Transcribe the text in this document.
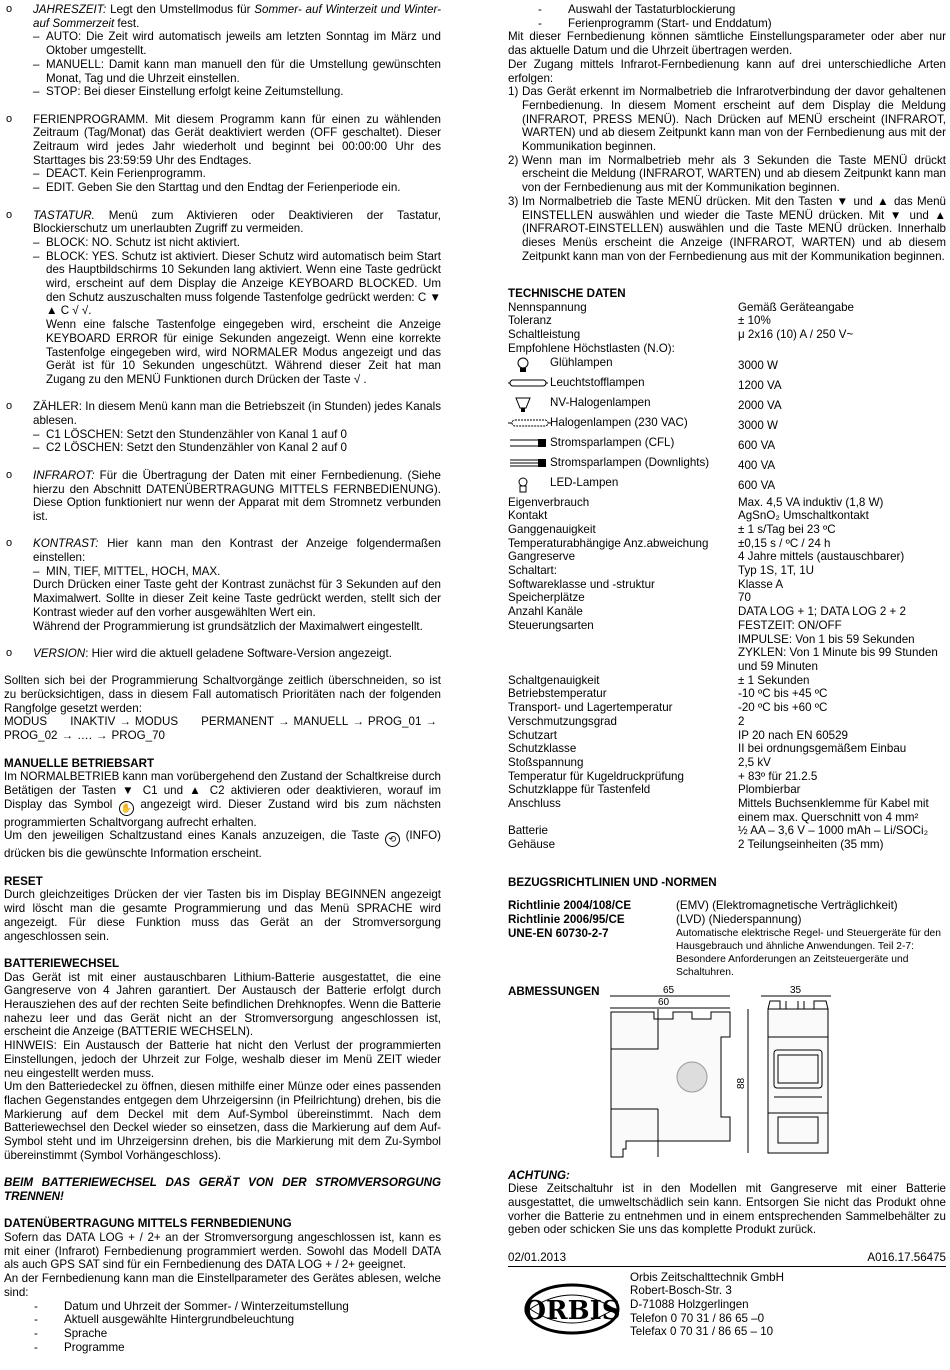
o JAHRESZEIT: Legt den Umstellmodus für Sommer- auf Winterzeit und Winter- auf Sommerzeit fest.

– AUTO: Die Zeit wird automatisch jeweils am letzten Sonntag im März und Oktober umgestellt.
– MANUELL: Damit kann man manuell den für die Umstellung gewünschten Monat, Tag und die Uhrzeit einstellen.
– STOP: Bei dieser Einstellung erfolgt keine Zeitumstellung.
o FERIENPROGRAMM. Mit diesem Programm kann für einen zu wählenden Zeitraum (Tag/Monat) das Gerät deaktiviert werden (OFF geschaltet). Dieser Zeitraum wird jedes Jahr wiederholt und beginnt bei 00:00:00 Uhr des Starttages bis 23:59:59 Uhr des Endtages.

– DEACT. Kein Ferienprogramm.
– EDIT. Geben Sie den Starttag und den Endtag der Ferienperiode ein.
o TASTATUR. Menü zum Aktivieren oder Deaktivieren der Tastatur, Blockierschutz um unerlaubten Zugriff zu vermeiden.

– BLOCK: NO. Schutz ist nicht aktiviert.
– BLOCK: YES. Schutz ist aktiviert. Dieser Schutz wird automatisch beim Start des Hauptbildschirms 10 Sekunden lang aktiviert. Wenn eine Taste gedrückt wird, erscheint auf dem Display die Anzeige KEYBOARD BLOCKED. Um den Schutz auszuschalten muss folgende Tastenfolge gedrückt werden: C ▼ ▲ C √ √.

Wenn eine falsche Tastenfolge eingegeben wird, erscheint die Anzeige KEYBOARD ERROR für einige Sekunden angezeigt. Wenn eine korrekte Tastenfolge eingegeben wird, wird NORMALER Modus angezeigt und das Gerät ist für 10 Sekunden ungeschützt. Während dieser Zeit hat man Zugang zu den MENÜ Funktionen durch Drücken der Taste √ .

o ZÄHLER: In diesem Menü kann man die Betriebszeit (in Stunden) jedes Kanals ablesen.

– C1 LÖSCHEN: Setzt den Stundenzähler von Kanal 1 auf 0
– C2 LÖSCHEN: Setzt den Stundenzähler von Kanal 2 auf 0
o INFRAROT: Für die Übertragung der Daten mit einer Fernbedienung. (Siehe hierzu den Abschnitt DATENÜBERTRAGUNG MITTELS FERNBEDIENUNG). Diese Option funktioniert nur wenn der Apparat mit dem Stromnetz verbunden ist.

o KONTRAST: Hier kann man den Kontrast der Anzeige folgendermaßen einstellen:

– MIN, TIEF, MITTEL, HOCH, MAX.

Durch Drücken einer Taste geht der Kontrast zunächst für 3 Sekunden auf den Maximalwert. Sollte in dieser Zeit keine Taste gedrückt werden, stellt sich der Kontrast wieder auf den vorher ausgewählten Wert ein.

Während der Programmierung ist grundsätzlich der Maximalwert eingestellt.

o VERSION: Hier wird die aktuell geladene Software-Version angezeigt.

Sollten sich bei der Programmierung Schaltvorgänge zeitlich überschneiden, so ist zu berücksichtigen, dass in diesem Fall automatisch Prioritäten nach der folgenden Rangfolge gesetzt werden:

MODUS INAKTIV → MODUS PERMANENT → MANUELL → PROG_01 →

PROG_02 → …. → PROG_70

MANUELLE BETRIEBSART

Im NORMALBETRIEB kann man vorübergehend den Zustand der Schaltkreise durch Betätigen der Tasten ▼ C1 und ▲ C2 aktivieren oder deaktivieren, worauf im Display das Symbol ✋ angezeigt wird. Dieser Zustand wird bis zum nächsten programmierten Schaltvorgang aufrecht erhalten.

Um den jeweiligen Schaltzustand eines Kanals anzuzeigen, die Taste ⟲ (INFO) drücken bis die gewünschte Information erscheint.

RESET

Durch gleichzeitiges Drücken der vier Tasten bis im Display BEGINNEN angezeigt wird löscht man die gesamte Programmierung und das Menü SPRACHE wird angezeigt. Für diese Funktion muss das Gerät an der Stromversorgung angeschlossen sein.

BATTERIEWECHSEL

Das Gerät ist mit einer austauschbaren Lithium-Batterie ausgestattet, die eine Gangreserve von 4 Jahren garantiert. Der Austausch der Batterie erfolgt durch Herausziehen des auf der rechten Seite befindlichen Drehknopfes. Wenn die Batterie nahezu leer und das Gerät nicht an der Stromversorgung angeschlossen ist, erscheint die Anzeige (BATTERIE WECHSELN).

HINWEIS: Ein Austausch der Batterie hat nicht den Verlust der programmierten Einstellungen, jedoch der Uhrzeit zur Folge, weshalb dieser im Menü ZEIT wieder neu eingestellt werden muss.

Um den Batteriedeckel zu öffnen, diesen mithilfe einer Münze oder eines passenden flachen Gegenstandes entgegen dem Uhrzeigersinn (in Pfeilrichtung) drehen, bis die Markierung auf dem Deckel mit dem Auf-Symbol übereinstimmt. Nach dem Batteriewechsel den Deckel wieder so einsetzen, dass die Markierung auf dem Auf-Symbol steht und im Uhrzeigersinn drehen, bis die Markierung mit dem Zu-Symbol übereinstimmt (Symbol Vorhängeschloss).

BEIM BATTERIEWECHSEL DAS GERÄT VON DER STROMVERSORGUNG TRENNEN!

DATENÜBERTRAGUNG MITTELS FERNBEDIENUNG

Sofern das DATA LOG + / 2+ an der Stromversorgung angeschlossen ist, kann es mit einer (Infrarot) Fernbedienung programmiert werden. Sowohl das Modell DATA als auch GPS SAT sind für ein Fernbedienung des DATA LOG + / 2+ geeignet.

An der Fernbedienung kann man die Einstellparameter des Gerätes ablesen, welche sind:

- Datum und Uhrzeit der Sommer- / Winterzeitumstellung
- Aktuell ausgewählte Hintergrundbeleuchtung
- Sprache
- Programme
- Auswahl der Tastaturblockierung
- Ferienprogramm (Start- und Enddatum)

Mit dieser Fernbedienung können sämtliche Einstellungsparameter oder aber nur das aktuelle Datum und die Uhrzeit übertragen werden.

Der Zugang mittels Infrarot-Fernbedienung kann auf drei unterschiedliche Arten erfolgen:

1) Das Gerät erkennt im Normalbetrieb die Infrarotverbindung der davor gehaltenen Fernbedienung. In diesem Moment erscheint auf dem Display die Meldung (INFRAROT, PRESS MENÜ). Nach Drücken auf MENÜ erscheint (INFRAROT, WARTEN) und ab diesem Zeitpunkt kann man von der Fernbedienung aus mit der Kommunikation beginnen.
2) Wenn man im Normalbetrieb mehr als 3 Sekunden die Taste MENÜ drückt erscheint die Meldung (INFRAROT, WARTEN) und ab diesem Zeitpunkt kann man von der Fernbedienung aus mit der Kommunikation beginnen.
3) Im Normalbetrieb die Taste MENÜ drücken. Mit den Tasten ▼ und ▲ das Menü EINSTELLEN auswählen und wieder die Taste MENÜ drücken. Mit ▼ und ▲ (INFRAROT-EINSTELLEN) auswählen und die Taste MENÜ drücken. Innerhalb dieses Menüs erscheint die Anzeige (INFRAROT, WARTEN) und ab diesem Zeitpunkt kann man von der Fernbedienung aus mit der Kommunikation beginnen.

TECHNISCHE DATEN

Nennspannung	Gemäß Geräteangabe
Toleranz	± 10%
Schaltleistung	μ 2x16 (10) A / 250 V~

Empfohlene Höchstlasten (N.O):

Glühlampen	3000 W
Leuchtstofflampen	1200 VA
NV-Halogenlampen	2000 VA
Halogenlampen (230 VAC)	3000 W
Stromsparlampen (CFL)	600 VA
Stromsparlampen (Downlights)	400 VA
LED-Lampen	600 VA
Eigenverbrauch	Max. 4,5 VA induktiv (1,8 W)
Kontakt	AgSnO₂ Umschaltkontakt
Ganggenauigkeit	± 1 s/Tag bei 23 ºC
Temperaturabhängige Anz.abweichung	±0,15 s / ºC / 24 h
Gangreserve	4 Jahre mittels (austauschbarer)
Schaltart:	Typ 1S, 1T, 1U
Softwareklasse und -struktur	Klasse A
Speicherplätze	70
Anzahl Kanäle	DATA LOG + 1; DATA LOG 2 + 2
Steuerungsarten	FESTZEIT: ON/OFF
IMPULSE: Von 1 bis 59 Sekunden
ZYKLEN: Von 1 Minute bis 99 Stunden und 59 Minuten
Schaltgenauigkeit	± 1 Sekunden
Betriebstemperatur	-10 ºC bis +45 ºC
Transport- und Lagertemperatur	-20 ºC bis +60 ºC
Verschmutzungsgrad	2
Schutzart	IP 20 nach EN 60529
Schutzklasse	II bei ordnungsgemäßem Einbau
Stoßspannung	2,5 kV
Temperatur für Kugeldruckprüfung	+ 83º für 21.2.5
Schutzklappe für Tastenfeld	Plombierbar
Anschluss	Mittels Buchsenklemme für Kabel mit einem max. Querschnitt von 4 mm²
Batterie	½ AA – 3,6 V – 1000 mAh – Li/SOCi₂
Gehäuse	2 Teilungseinheiten (35 mm)

BEZUGSRICHTLINIEN UND -NORMEN

Richtlinie 2004/108/CE	(EMV) (Elektromagnetische Verträglichkeit)
Richtlinie 2006/95/CE	(LVD) (Niederspannung)
UNE-EN 60730-2-7	Automatische elektrische Regel- und Steuergeräte für den Hausgebrauch und ähnliche Anwendungen. Teil 2-7: Besondere Anforderungen an Zeitsteuergeräte und Schaltuhren.

ABMESSUNGEN	65
60
35
88

ACHTUNG:

Diese Zeitschaltuhr ist in den Modellen mit Gangreserve mit einer Batterie ausgestattet, die umweltschädlich sein kann. Entsorgen Sie nicht das Produkt ohne vorher die Batterie zu entnehmen und in einem entsprechenden Sammelbehälter zu geben oder schicken Sie uns das komplette Produkt zurück.

02/01.2013	A016.17.56475
ORBIS
Orbis Zeitschalttechnik GmbH
Robert-Bosch-Str. 3
D-71088 Holzgerlingen
Telefon 0 70 31 / 86 65 –0
Telefax 0 70 31 / 86 65 – 10
